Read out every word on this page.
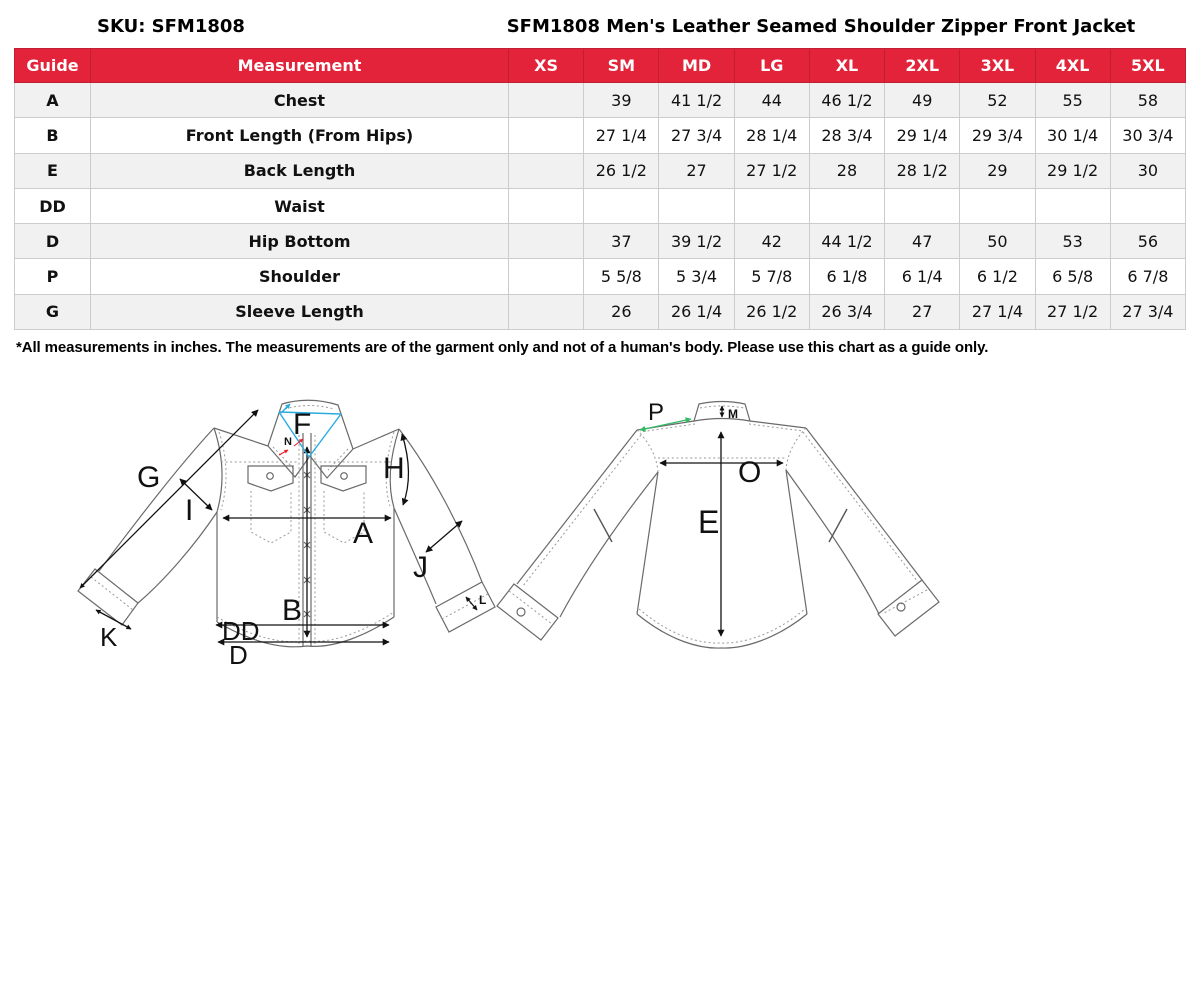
SKU: SFM1808	SFM1808 Men's Leather Seamed Shoulder Zipper Front Jacket
Guide	Measurement	XS	SM	MD	LG	XL	2XL	3XL	4XL	5XL
A	Chest		39	41 1/2	44	46 1/2	49	52	55	58
B	Front Length (From Hips)		27 1/4	27 3/4	28 1/4	28 3/4	29 1/4	29 3/4	30 1/4	30 3/4
E	Back Length		26 1/2	27	27 1/2	28	28 1/2	29	29 1/2	30
DD	Waist									
D	Hip Bottom		37	39 1/2	42	44 1/2	47	50	53	56
P	Shoulder		5 5/8	5 3/4	5 7/8	6 1/8	6 1/4	6 1/2	6 5/8	6 7/8
G	Sleeve Length		26	26 1/4	26 1/2	26 3/4	27	27 1/4	27 1/2	27 3/4
*All measurements in inches. The measurements are of the garment only and not of a human's body. Please use this chart as a guide only.
G
I
H
A
J
B
DD
D
K
L
F
N
M
P
O
E
